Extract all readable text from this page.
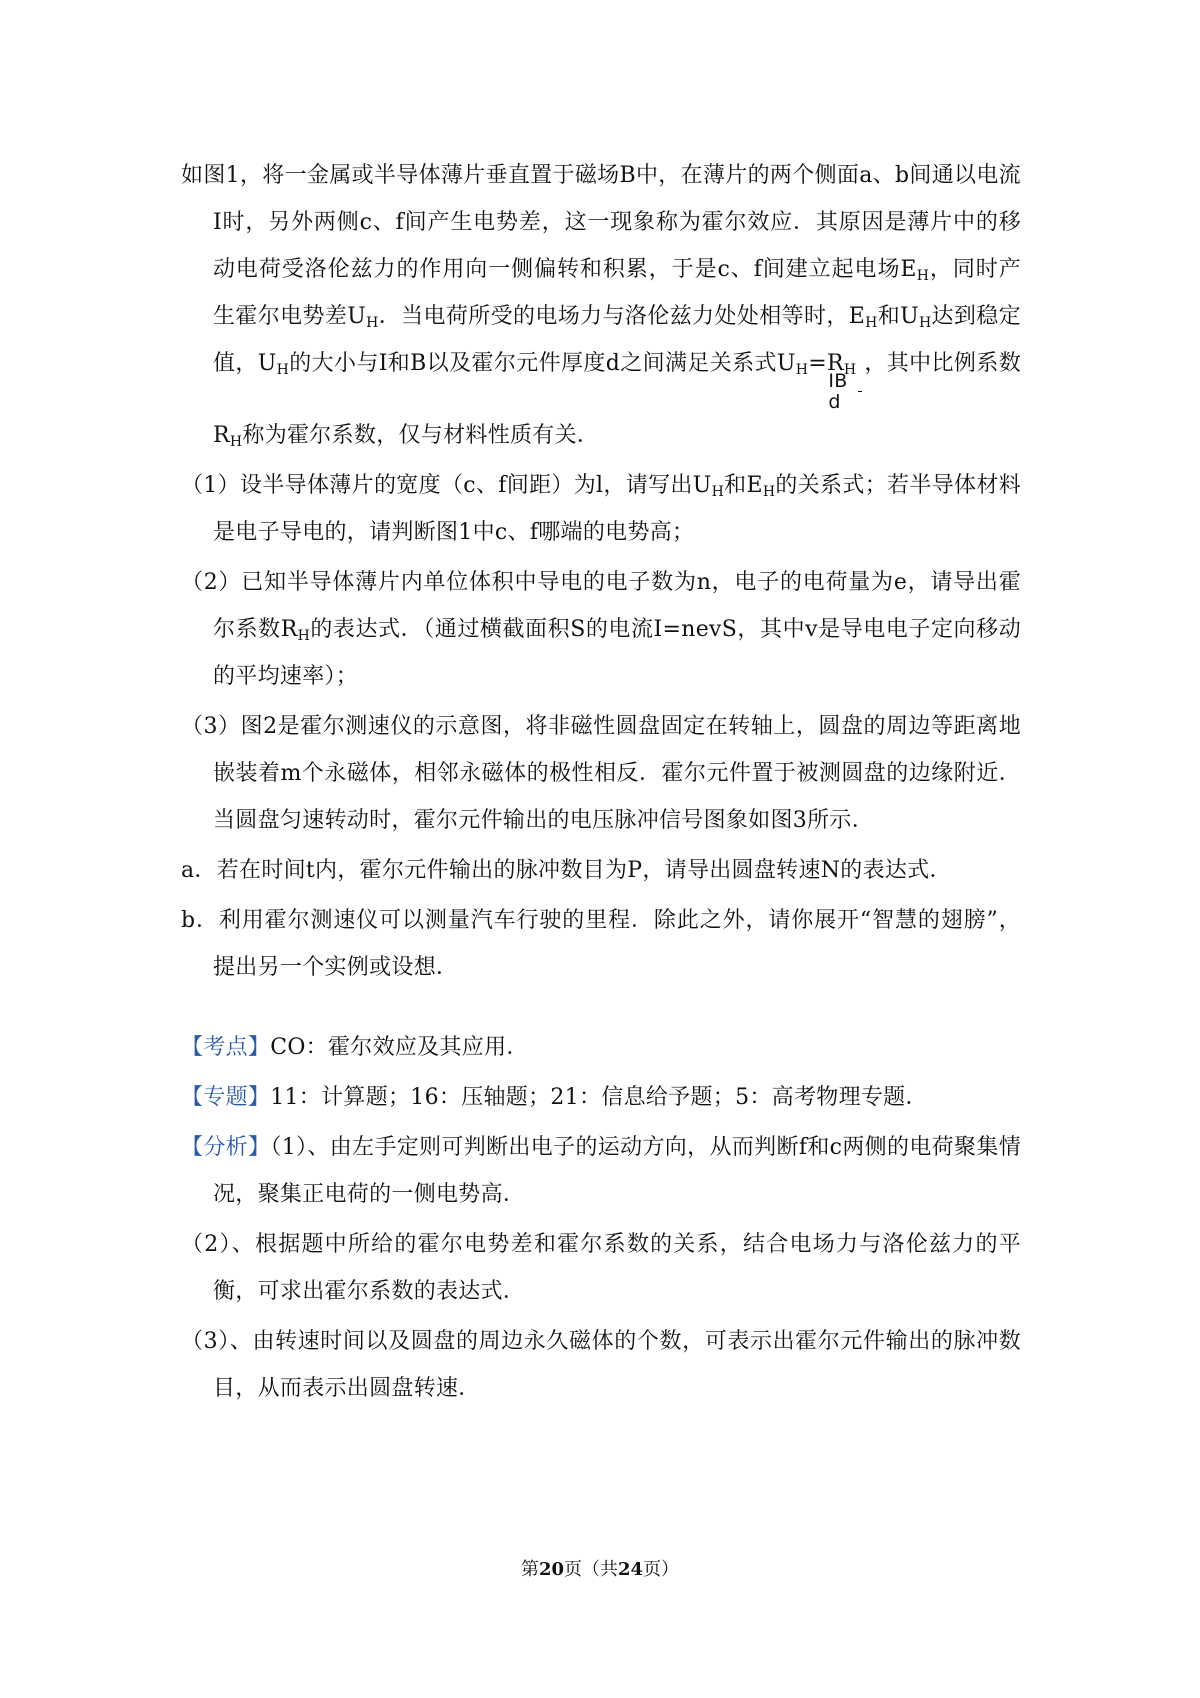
如图1，将一金属或半导体薄片垂直置于磁场B中，在薄片的两个侧面a、b间通以电流I时，另外两侧c、f间产生电势差，这一现象称为霍尔效应．其原因是薄片中的移动电荷受洛伦兹力的作用向一侧偏转和积累，于是c、f间建立起电场$E_H$，同时产生霍尔电势差$U_H$．当电荷所受的电场力与洛伦兹力处处相等时，$E_H$和$U_H$达到稳定值，$U_H$的大小与I和B以及霍尔元件厚度d之间满足关系式$U_H=R_H$
$\frac{IB}{d}$
，其中比例系数$R_H$称为霍尔系数，仅与材料性质有关．

（1）设半导体薄片的宽度（c、f间距）为l，请写出$U_H$和$E_H$的关系式；若半导体材料是电子导电的，请判断图1中c、f哪端的电势高；

（2）已知半导体薄片内单位体积中导电的电子数为n，电子的电荷量为e，请导出霍尔系数$R_H$的表达式．（通过横截面积S的电流I=nevS，其中v是导电电子定向移动的平均速率）；

（3）图2是霍尔测速仪的示意图，将非磁性圆盘固定在转轴上，圆盘的周边等距离地嵌装着m个永磁体，相邻永磁体的极性相反．霍尔元件置于被测圆盘的边缘附近．当圆盘匀速转动时，霍尔元件输出的电压脉冲信号图象如图3所示．

a．若在时间t内，霍尔元件输出的脉冲数目为P，请导出圆盘转速N的表达式．

b．利用霍尔测速仪可以测量汽车行驶的里程．除此之外，请你展开“智慧的翅膀”，提出另一个实例或设想．

【考点】CO：霍尔效应及其应用．

【专题】11：计算题；16：压轴题；21：信息给予题；5：高考物理专题．

【分析】（1）、由左手定则可判断出电子的运动方向，从而判断f和c两侧的电荷聚集情况，聚集正电荷的一侧电势高．

（2）、根据题中所给的霍尔电势差和霍尔系数的关系，结合电场力与洛伦兹力的平衡，可求出霍尔系数的表达式．

（3）、由转速时间以及圆盘的周边永久磁体的个数，可表示出霍尔元件输出的脉冲数目，从而表示出圆盘转速．

第20页（共24页）
